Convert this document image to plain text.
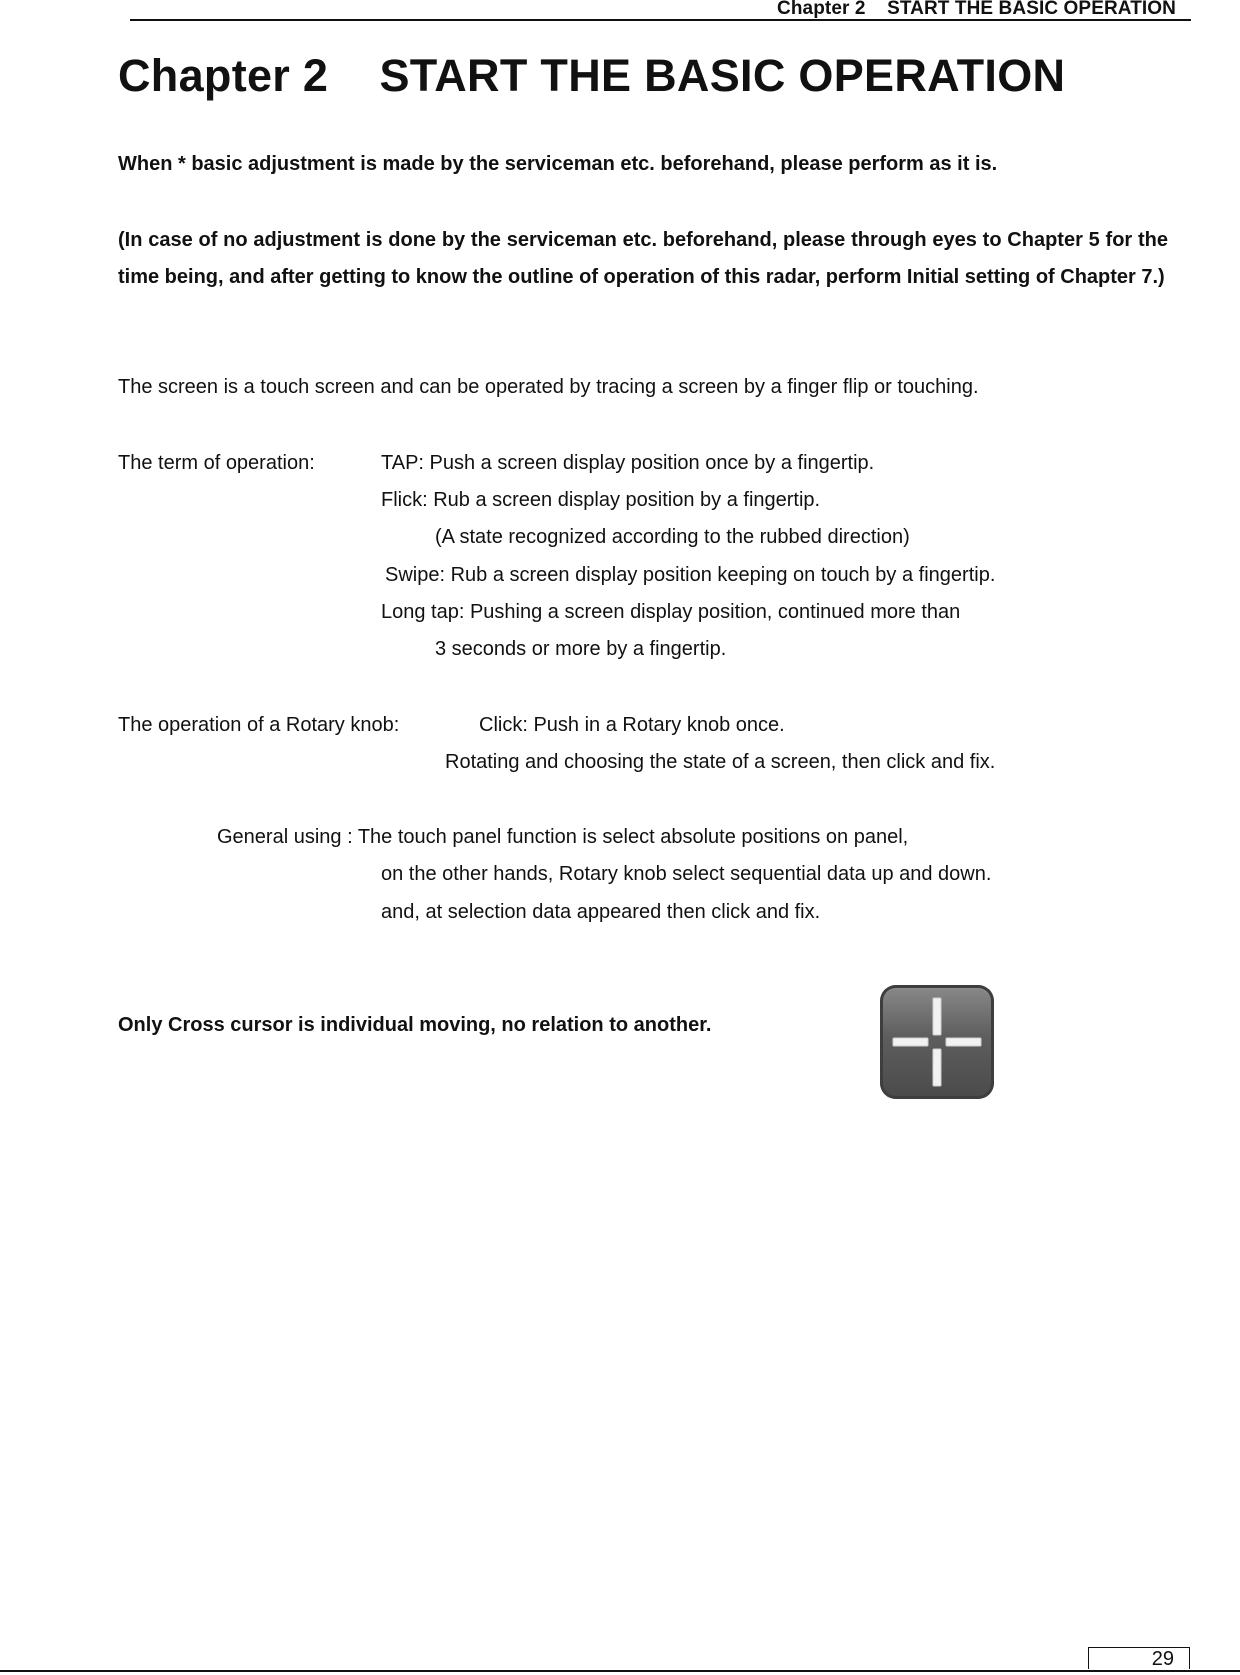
Chapter 2    START THE BASIC OPERATION
Chapter 2    START THE BASIC OPERATION
When * basic adjustment is made by the serviceman etc. beforehand, please perform as it is.
(In case of no adjustment is done by the serviceman etc. beforehand, please through eyes to Chapter 5 for the time being, and after getting to know the outline of operation of this radar, perform Initial setting of Chapter 7.)
The screen is a touch screen and can be operated by tracing a screen by a finger flip or touching.
The term of operation:	TAP: Push a screen display position once by a fingertip.
Flick: Rub a screen display position by a fingertip.
(A state recognized according to the rubbed direction)
Swipe: Rub a screen display position keeping on touch by a fingertip.
Long tap: Pushing a screen display position, continued more than
3 seconds or more by a fingertip.
The operation of a Rotary knob:	Click: Push in a Rotary knob once.
Rotating and choosing the state of a screen, then click and fix.
General using : The touch panel function is select absolute positions on panel,
on the other hands, Rotary knob select sequential data up and down.
and, at selection data appeared then click and fix.
Only Cross cursor is individual moving, no relation to another.
29
